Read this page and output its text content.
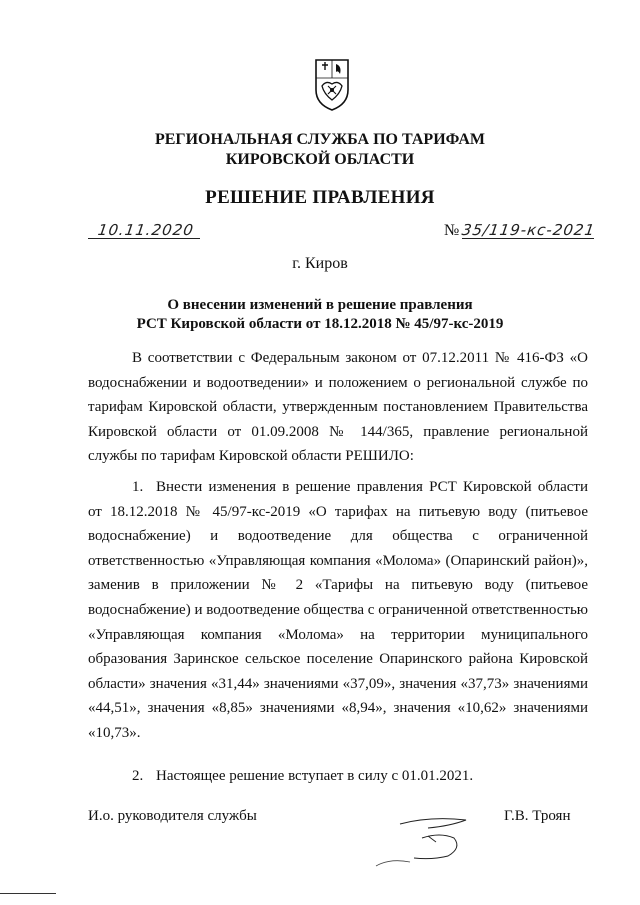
РЕГИОНАЛЬНАЯ СЛУЖБА ПО ТАРИФАМ
КИРОВСКОЙ ОБЛАСТИ
РЕШЕНИЕ ПРАВЛЕНИЯ
10.11.2020	№ 35/119-кс-2021
г. Киров
О внесении изменений в решение правления
РСТ Кировской области от 18.12.2018 № 45/97-кс-2019

В соответствии с Федеральным законом от 07.12.2011 № 416-ФЗ «О водоснабжении и водоотведении» и положением о региональной службе по тарифам Кировской области, утвержденным постановлением Правительства Кировской области от 01.09.2008 № 144/365, правление региональной службы по тарифам Кировской области РЕШИЛО:

1. Внести изменения в решение правления РСТ Кировской области от 18.12.2018 № 45/97-кс-2019 «О тарифах на питьевую воду (питьевое водоснабжение) и водоотведение для общества с ограниченной ответственностью «Управляющая компания «Молома» (Опаринский район)», заменив в приложении № 2 «Тарифы на питьевую воду (питьевое водоснабжение) и водоотведение общества с ограниченной ответственностью «Управляющая компания «Молома» на территории муниципального образования Заринское сельское поселение Опаринского района Кировской области» значения «31,44» значениями «37,09», значения «37,73» значениями «44,51», значения «8,85» значениями «8,94», значения «10,62» значениями «10,73».

2. Настоящее решение вступает в силу с 01.01.2021.

И.о. руководителя службы	Г.В. Троян
